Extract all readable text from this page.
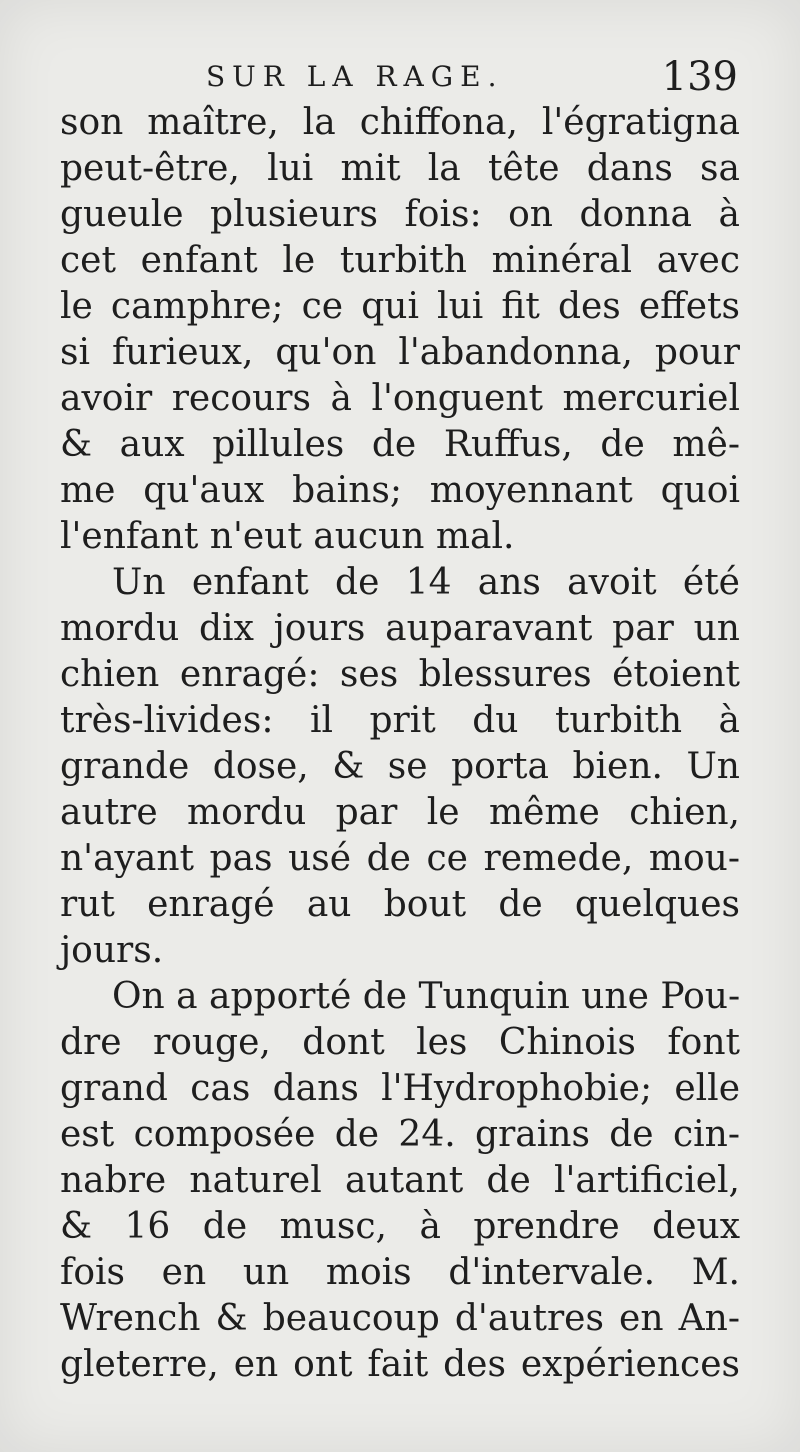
SUR LA RAGE.	139
son maître, la chiffona, l'égratigna
peut-être, lui mit la tête dans sa
gueule plusieurs fois: on donna à
cet enfant le turbith minéral avec
le camphre; ce qui lui fit des effets
si furieux, qu'on l'abandonna, pour
avoir recours à l'onguent mercuriel
& aux pillules de Ruffus, de mê-
me qu'aux bains; moyennant quoi
l'enfant n'eut aucun mal.
Un enfant de 14 ans avoit été
mordu dix jours auparavant par un
chien enragé: ses blessures étoient
très-livides: il prit du turbith à
grande dose, & se porta bien. Un
autre mordu par le même chien,
n'ayant pas usé de ce remede, mou-
rut enragé au bout de quelques
jours.
On a apporté de Tunquin une Pou-
dre rouge, dont les Chinois font
grand cas dans l'Hydrophobie; elle
est composée de 24. grains de cin-
nabre naturel autant de l'artificiel,
& 16 de musc, à prendre deux
fois en un mois d'intervale. M.
Wrench & beaucoup d'autres en An-
gleterre, en ont fait des expériences
